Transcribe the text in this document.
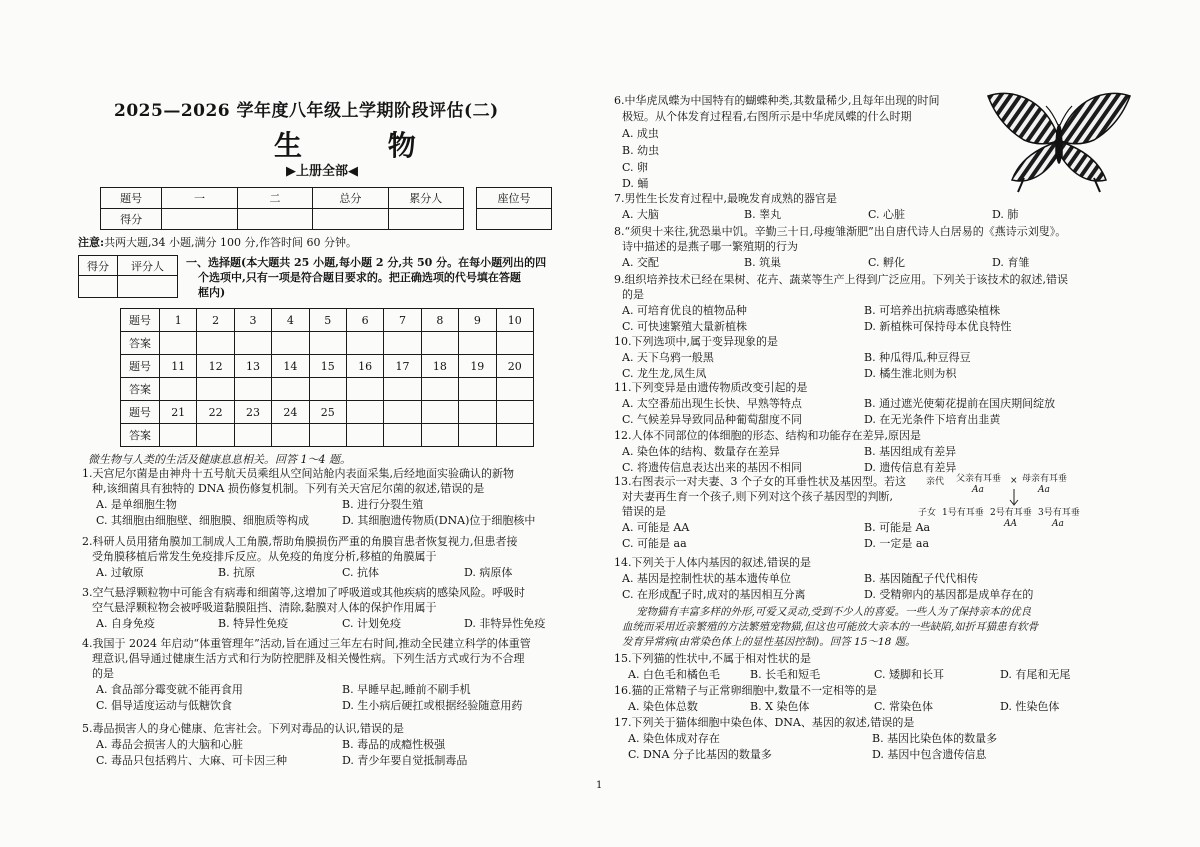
2025—2026 学年度八年级上学期阶段评估(二)
生 物
▶上册全部◀
题号	一	二	总分	累分人
得分				
座位号

注意:共两大题,34 小题,满分 100 分,作答时间 60 分钟。
得分	评分人
	一、选择题(本大题共 25 小题,每小题 2 分,共 50 分。在每小题列出的四
个选项中,只有一项是符合题目要求的。把正确选项的代号填在答题
框内)
题号	1	2	3	4	5	6	7	8	9	10
答案										
题号	11	12	13	14	15	16	17	18	19	20
答案										
题号	21	22	23	24	25					
答案										
微生物与人类的生活及健康息息相关。回答 1～4 题。
1.天宫尼尔菌是由神舟十五号航天员乘组从空间站舱内表面采集,后经地面实验确认的新物
种,该细菌具有独特的 DNA 损伤修复机制。下列有关天宫尼尔菌的叙述,错误的是
A. 是单细胞生物	B. 进行分裂生殖
C. 其细胞由细胞壁、细胞膜、细胞质等构成	D. 其细胞遗传物质(DNA)位于细胞核中
2.科研人员用猪角膜加工制成人工角膜,帮助角膜损伤严重的角膜盲患者恢复视力,但患者接
受角膜移植后常发生免疫排斥反应。从免疫的角度分析,移植的角膜属于
A. 过敏原	B. 抗原	C. 抗体	D. 病原体
3.空气悬浮颗粒物中可能含有病毒和细菌等,这增加了呼吸道或其他疾病的感染风险。呼吸时
空气悬浮颗粒物会被呼吸道黏膜阻挡、清除,黏膜对人体的保护作用属于
A. 自身免疫	B. 特异性免疫	C. 计划免疫	D. 非特异性免疫
4.我国于 2024 年启动“体重管理年”活动,旨在通过三年左右时间,推动全民建立科学的体重管
理意识,倡导通过健康生活方式和行为防控肥胖及相关慢性病。下列生活方式或行为不合理
的是
A. 食品部分霉变就不能再食用	B. 早睡早起,睡前不刷手机
C. 倡导适度运动与低糖饮食	D. 生小病后硬扛或根据经验随意用药
5.毒品损害人的身心健康、危害社会。下列对毒品的认识,错误的是
A. 毒品会损害人的大脑和心脏	B. 毒品的成瘾性极强
C. 毒品只包括鸦片、大麻、可卡因三种	D. 青少年要自觉抵制毒品
6.中华虎凤蝶为中国特有的蝴蝶种类,其数量稀少,且每年出现的时间
极短。从个体发育过程看,右图所示是中华虎凤蝶的什么时期
A. 成虫
B. 幼虫
C. 卵
D. 蛹
7.男性生长发育过程中,最晚发育成熟的器官是
A. 大脑	B. 睾丸	C. 心脏	D. 肺
8.“须臾十来往,犹恐巢中饥。辛勤三十日,母瘦雏渐肥”出自唐代诗人白居易的《燕诗示刘叟》。
诗中描述的是燕子哪一繁殖期的行为
A. 交配	B. 筑巢	C. 孵化	D. 育雏
9.组织培养技术已经在果树、花卉、蔬菜等生产上得到广泛应用。下列关于该技术的叙述,错误
的是
A. 可培育优良的植物品种	B. 可培养出抗病毒感染植株
C. 可快速繁殖大量新植株	D. 新植株可保持母本优良特性
10.下列选项中,属于变异现象的是
A. 天下乌鸦一般黑	B. 种瓜得瓜,种豆得豆
C. 龙生龙,凤生凤	D. 橘生淮北则为枳
11.下列变异是由遗传物质改变引起的是
A. 太空番茄出现生长快、早熟等特点	B. 通过遮光使菊花提前在国庆期间绽放
C. 气候差异导致同品种葡萄甜度不同	D. 在无光条件下培育出韭黄
12.人体不同部位的体细胞的形态、结构和功能存在差异,原因是
A. 染色体的结构、数量存在差异	B. 基因组成有差异
C. 将遗传信息表达出来的基因不相同	D. 遗传信息有差异
13.右图表示一对夫妻、3 个子女的耳垂性状及基因型。若这
对夫妻再生育一个孩子,则下列对这个孩子基因型的判断,
错误的是
A. 可能是 AA	B. 可能是 Aa
C. 可能是 aa	D. 一定是 aa
14.下列关于人体内基因的叙述,错误的是
A. 基因是控制性状的基本遗传单位	B. 基因随配子代代相传
C. 在形成配子时,成对的基因相互分离	D. 受精卵内的基因都是成单存在的
亲代 父亲有耳垂
Aa
× 母亲有耳垂
Aa
子女 1号有耳垂 2号有耳垂
AA
3号有耳垂
Aa
宠物猫有丰富多样的外形,可爱又灵动,受到不少人的喜爱。一些人为了保持亲本的优良
血统而采用近亲繁殖的方法繁殖宠物猫,但这也可能放大亲本的一些缺陷,如折耳猫患有软骨
发育异常病(由常染色体上的显性基因控制)。回答 15～18 题。
15.下列猫的性状中,不属于相对性状的是
A. 白色毛和橘色毛	B. 长毛和短毛	C. 矮脚和长耳	D. 有尾和无尾
16.猫的正常精子与正常卵细胞中,数量不一定相等的是
A. 染色体总数	B. X 染色体	C. 常染色体	D. 性染色体
17.下列关于猫体细胞中染色体、DNA、基因的叙述,错误的是
A. 染色体成对存在	B. 基因比染色体的数量多
C. DNA 分子比基因的数量多	D. 基因中包含遗传信息
1
